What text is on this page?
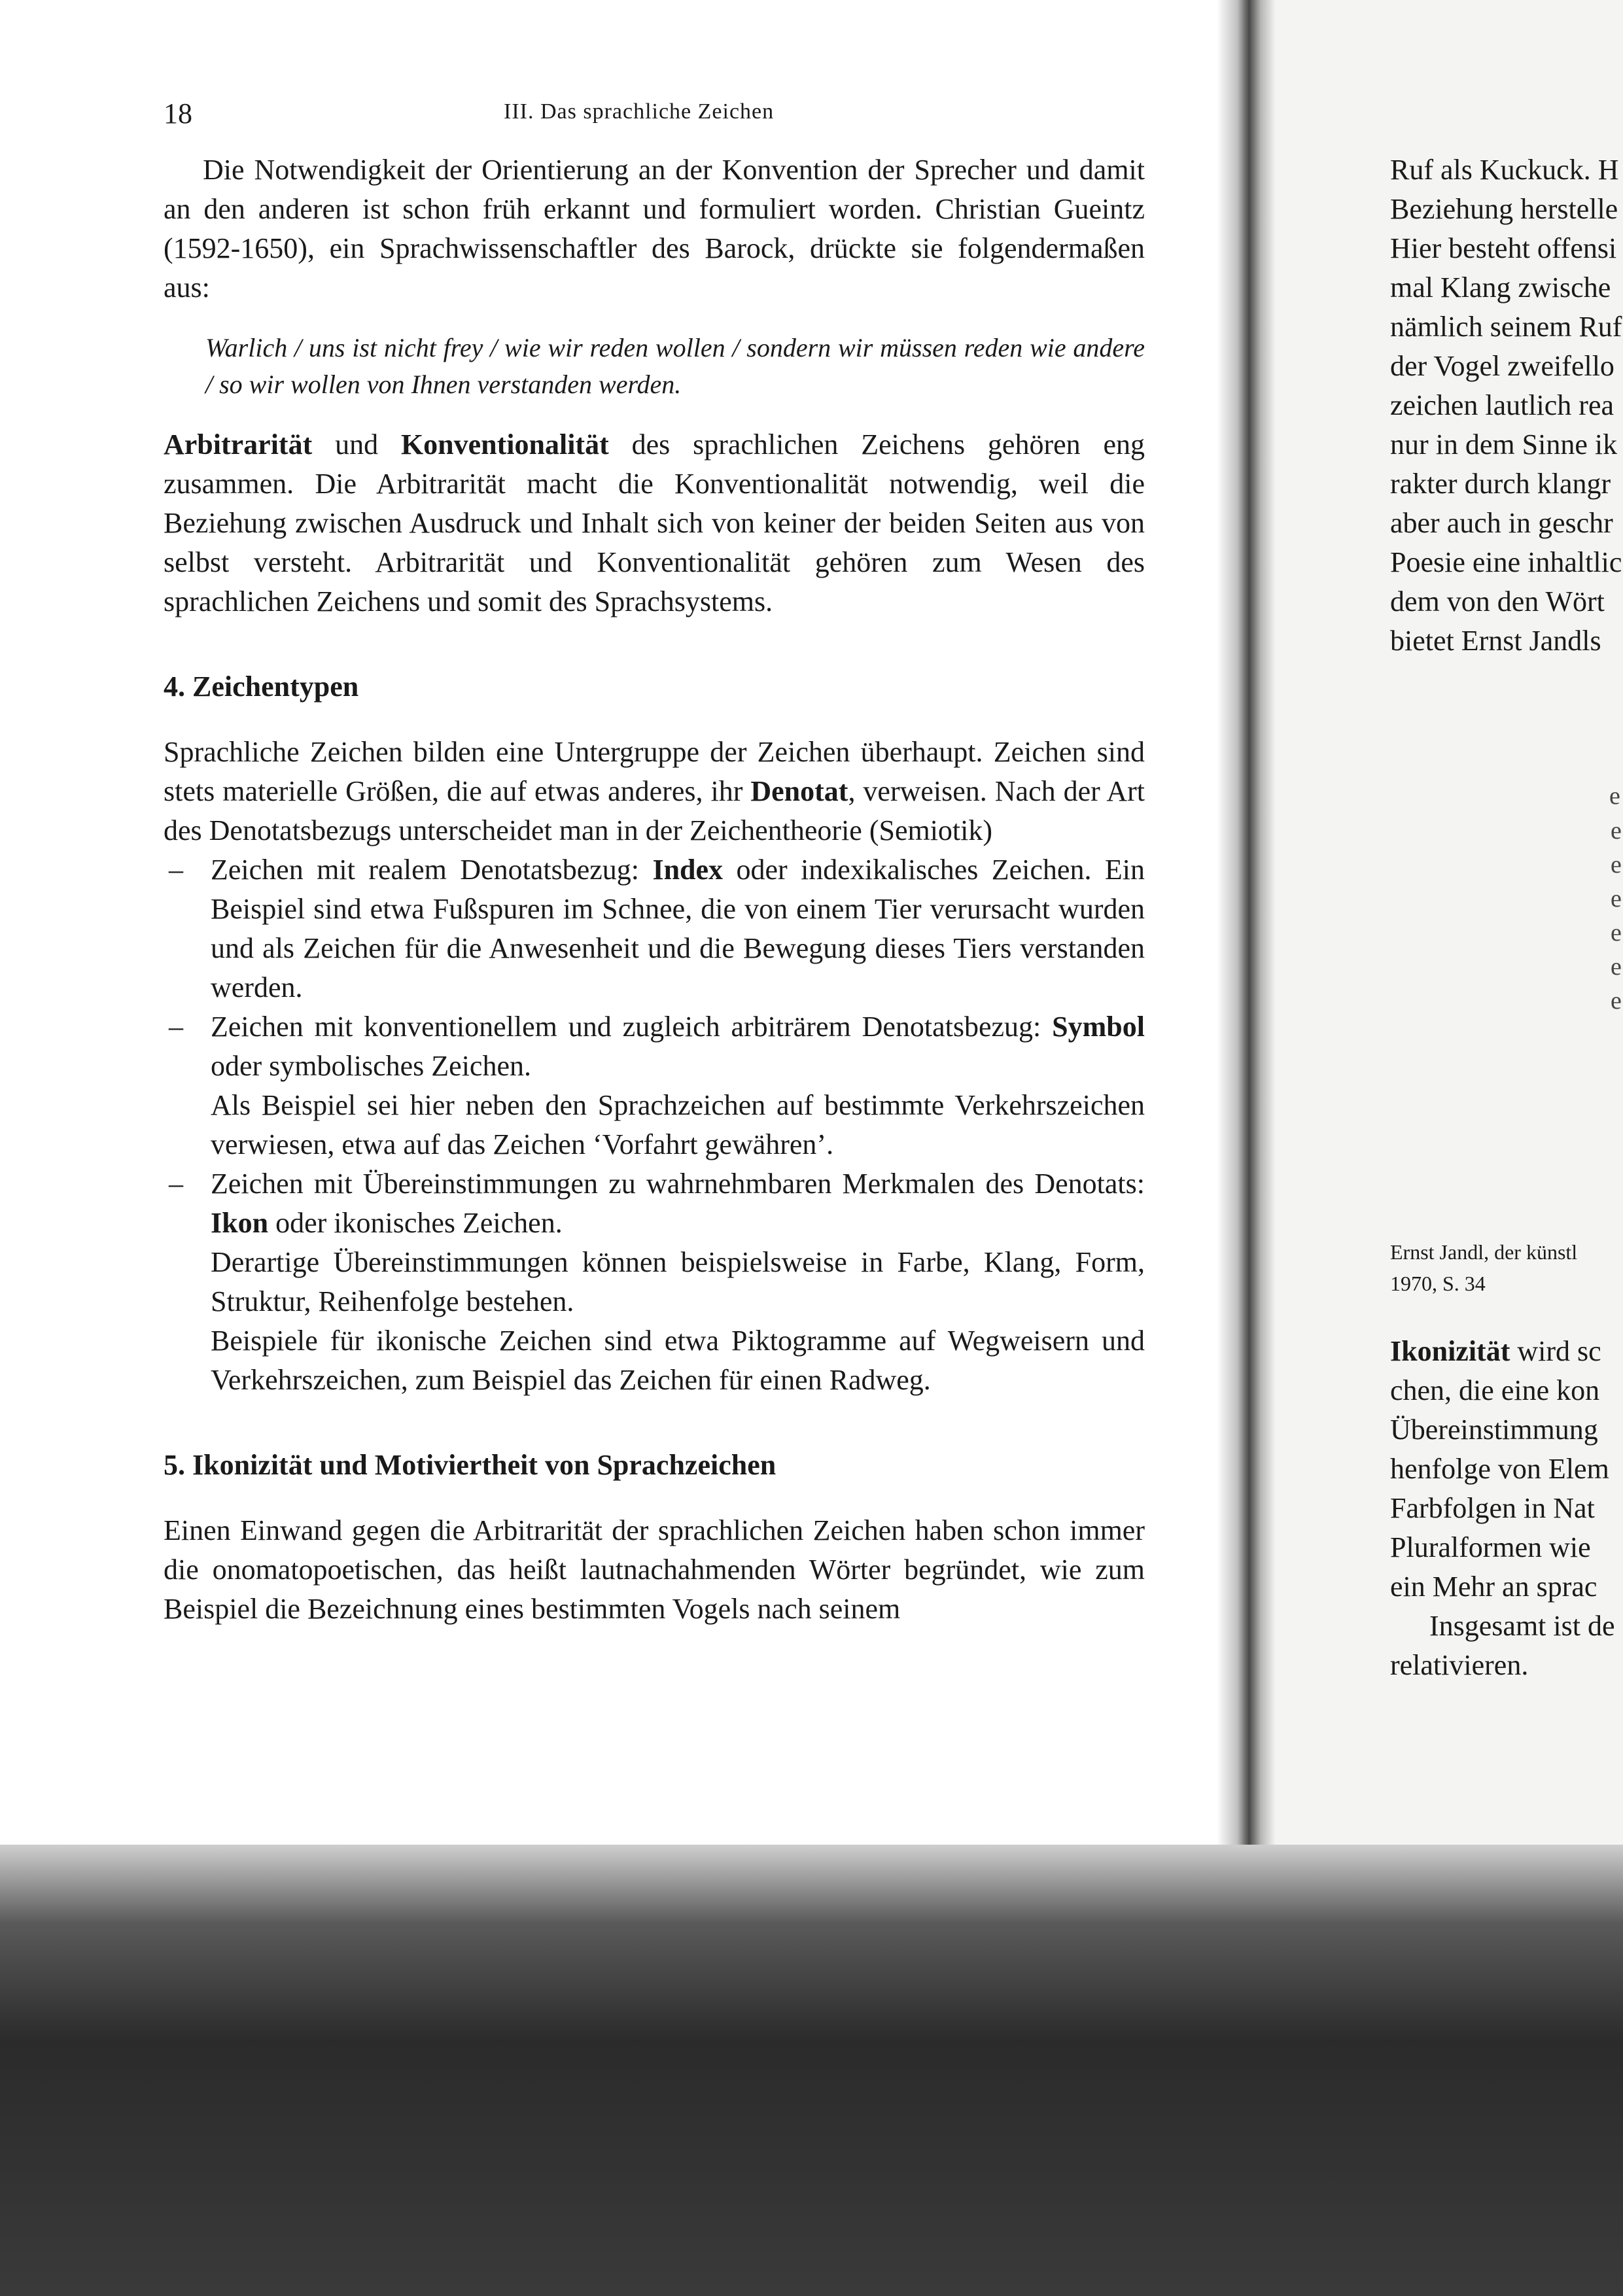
18	III. Das sprachliche Zeichen

Die Notwendigkeit der Orientierung an der Konvention der Sprecher und damit an den anderen ist schon früh erkannt und formuliert worden. Christian Gueintz (1592-1650), ein Sprachwissenschaftler des Barock, drückte sie folgendermaßen aus:

Warlich / uns ist nicht frey / wie wir reden wollen / sondern wir müssen reden wie andere / so wir wollen von Ihnen verstanden werden.

Arbitrarität und Konventionalität des sprachlichen Zeichens gehören eng zusammen. Die Arbitrarität macht die Konventionalität notwendig, weil die Beziehung zwischen Ausdruck und Inhalt sich von keiner der beiden Seiten aus von selbst versteht. Arbitrarität und Konventionalität gehören zum Wesen des sprachlichen Zeichens und somit des Sprachsystems.

4. Zeichentypen

Sprachliche Zeichen bilden eine Untergruppe der Zeichen überhaupt. Zeichen sind stets materielle Größen, die auf etwas anderes, ihr Denotat, verweisen. Nach der Art des Denotatsbezugs unterscheidet man in der Zeichentheorie (Semiotik)

– Zeichen mit realem Denotatsbezug: Index oder indexikalisches Zeichen. Ein Beispiel sind etwa Fußspuren im Schnee, die von einem Tier verursacht wurden und als Zeichen für die Anwesenheit und die Bewegung dieses Tiers verstanden werden.

– Zeichen mit konventionellem und zugleich arbiträrem Denotatsbezug: Symbol oder symbolisches Zeichen.

Als Beispiel sei hier neben den Sprachzeichen auf bestimmte Verkehrszeichen verwiesen, etwa auf das Zeichen ‘Vorfahrt gewähren’.

– Zeichen mit Übereinstimmungen zu wahrnehmbaren Merkmalen des Denotats: Ikon oder ikonisches Zeichen.

Derartige Übereinstimmungen können beispielsweise in Farbe, Klang, Form, Struktur, Reihenfolge bestehen.

Beispiele für ikonische Zeichen sind etwa Piktogramme auf Wegweisern und Verkehrszeichen, zum Beispiel das Zeichen für einen Radweg.

5. Ikonizität und Motiviertheit von Sprachzeichen

Einen Einwand gegen die Arbitrarität der sprachlichen Zeichen haben schon immer die onomatopoetischen, das heißt lautnachahmenden Wörter begründet, wie zum Beispiel die Bezeichnung eines bestimmten Vogels nach seinem

Ruf als Kuckuck. H

Beziehung herstelle

Hier besteht offensi

mal Klang zwische

nämlich seinem Ruf

der Vogel zweifello

zeichen lautlich rea

nur in dem Sinne ik

rakter durch klangr

aber auch in geschr

Poesie eine inhaltlic

dem von den Wört

bietet Ernst Jandls

Ernst Jandl, der künstl

1970, S. 34

Ikonizität wird sc

chen, die eine kon

Übereinstimmung

henfolge von Elem

Farbfolgen in Nat

Pluralformen wie

ein Mehr an sprac

Insgesamt ist de

relativieren.

e
e
e
e
e
e
e
